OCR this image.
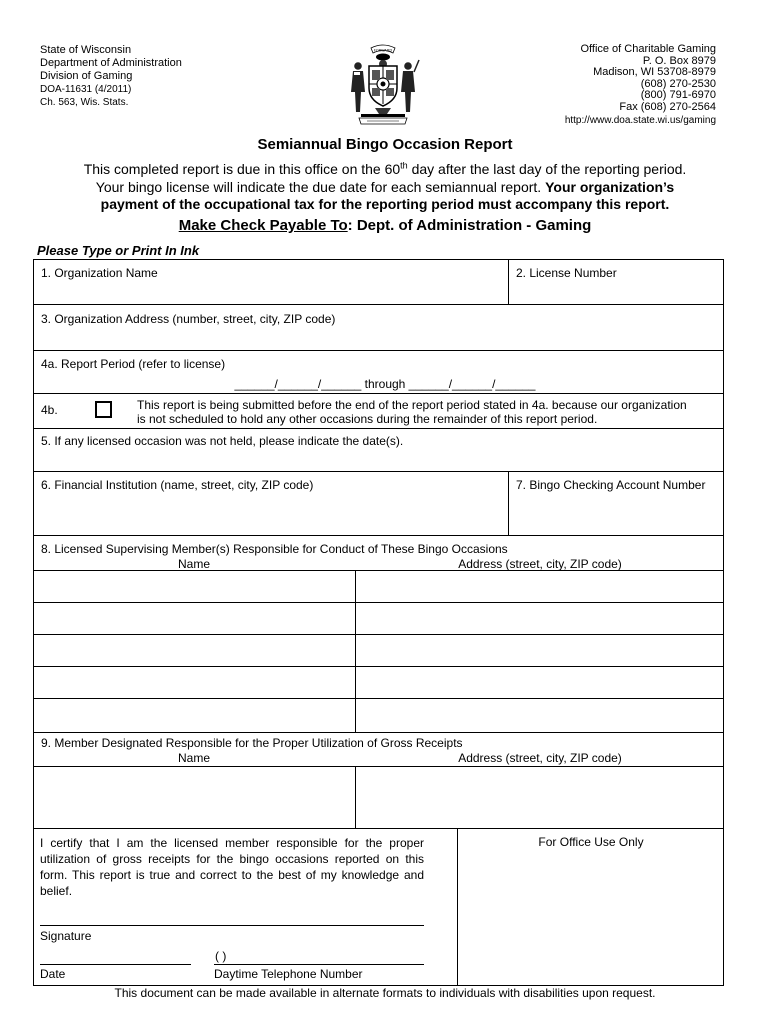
State of Wisconsin
Department of Administration
Division of Gaming
DOA-11631 (4/2011)
Ch. 563, Wis. Stats.
FORWARD	Office of Charitable Gaming
P. O. Box 8979
Madison, WI 53708-8979
(608) 270-2530
(800) 791-6970
Fax (608) 270-2564
http://www.doa.state.wi.us/gaming
Semiannual Bingo Occasion Report
This completed report is due in this office on the 60th day after the last day of the reporting period.
Your bingo license will indicate the due date for each semiannual report. Your organization’s
payment of the occupational tax for the reporting period must accompany this report.
Make Check Payable To: Dept. of Administration - Gaming
Please Type or Print In Ink
1. Organization Name	2. License Number
3. Organization Address (number, street, city, ZIP code)
4a. Report Period (refer to license)
______/______/______ through ______/______/______
4b.	This report is being submitted before the end of the report period stated in 4a. because our organization
is not scheduled to hold any other occasions during the remainder of this report period.
5. If any licensed occasion was not held, please indicate the date(s).
6. Financial Institution (name, street, city, ZIP code)	7. Bingo Checking Account Number
8. Licensed Supervising Member(s) Responsible for Conduct of These Bingo Occasions
Name	Address (street, city, ZIP code)
9. Member Designated Responsible for the Proper Utilization of Gross Receipts
Name	Address (street, city, ZIP code)
I certify that I am the licensed member responsible for the proper utilization of gross receipts for the bingo occasions reported on this form. This report is true and correct to the best of my knowledge and belief.
For Office Use Only
Signature
( )
Date	Daytime Telephone Number
This document can be made available in alternate formats to individuals with disabilities upon request.
